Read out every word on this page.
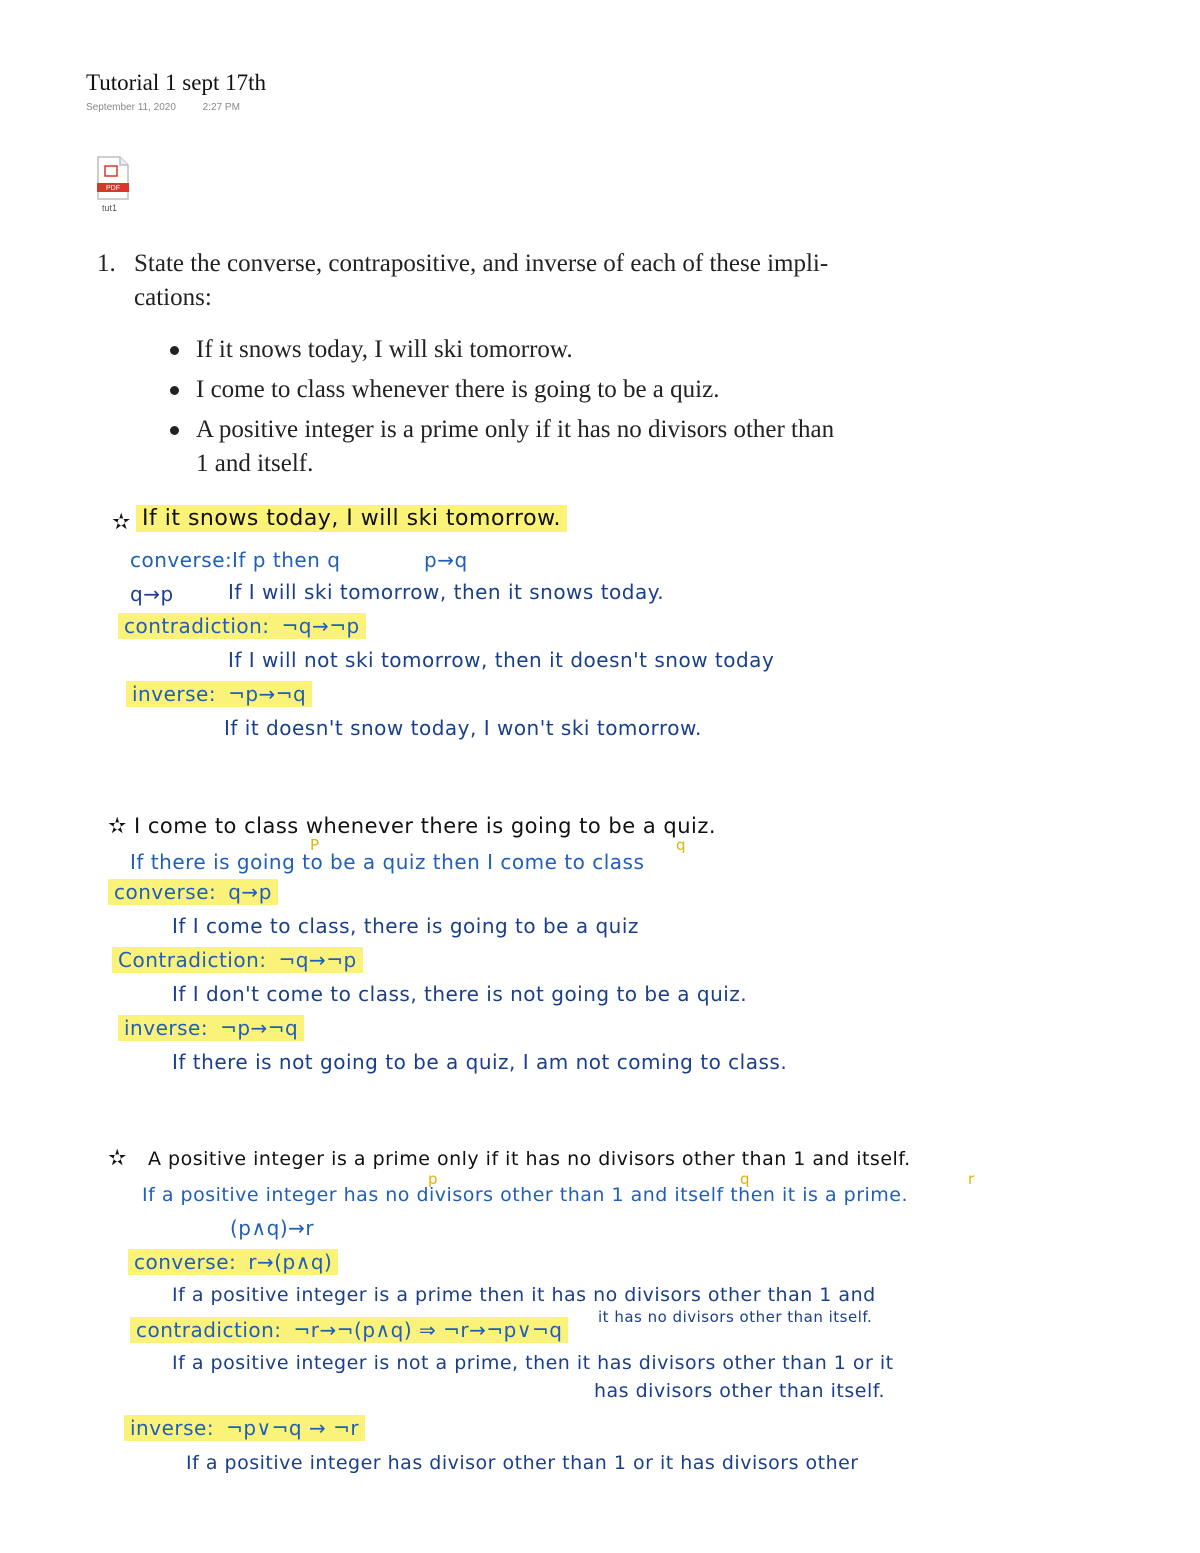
Tutorial 1 sept 17th
September 11, 2020	2:27 PM
PDF
tut1
1. State the converse, contrapositive, and inverse of each of these impli-
cations:
If it snows today, I will ski tomorrow.
I come to class whenever there is going to be a quiz.
A positive integer is a prime only if it has no divisors other than
1 and itself.
✫ If it snows today, I will ski tomorrow.
converse: If p then q	p→q
q→p	If I will ski tomorrow, then it snows today.
contradiction: ¬q→¬p
If I will not ski tomorrow, then it doesn't snow today
inverse: ¬p→¬q
If it doesn't snow today, I won't ski tomorrow.
✫ I come to class whenever there is going to be a quiz.
If there is going to be a quiz then I come to class
P	q
converse: q→p
If I come to class, there is going to be a quiz
Contradiction: ¬q→¬p
If I don't come to class, there is not going to be a quiz.
inverse: ¬p→¬q
If there is not going to be a quiz, I am not coming to class.
✫ A positive integer is a prime only if it has no divisors other than 1 and itself.
If a positive integer has no divisors other than 1 and itself then it is a prime.
p	q	r
(p∧q)→r
converse: r→(p∧q)
If a positive integer is a prime then it has no divisors other than 1 and
it has no divisors other than itself.
contradiction: ¬r→¬(p∧q) ⇒ ¬r→¬p∨¬q
If a positive integer is not a prime, then it has divisors other than 1 or it
has divisors other than itself.
inverse: ¬p∨¬q → ¬r
If a positive integer has divisor other than 1 or it has divisors other
